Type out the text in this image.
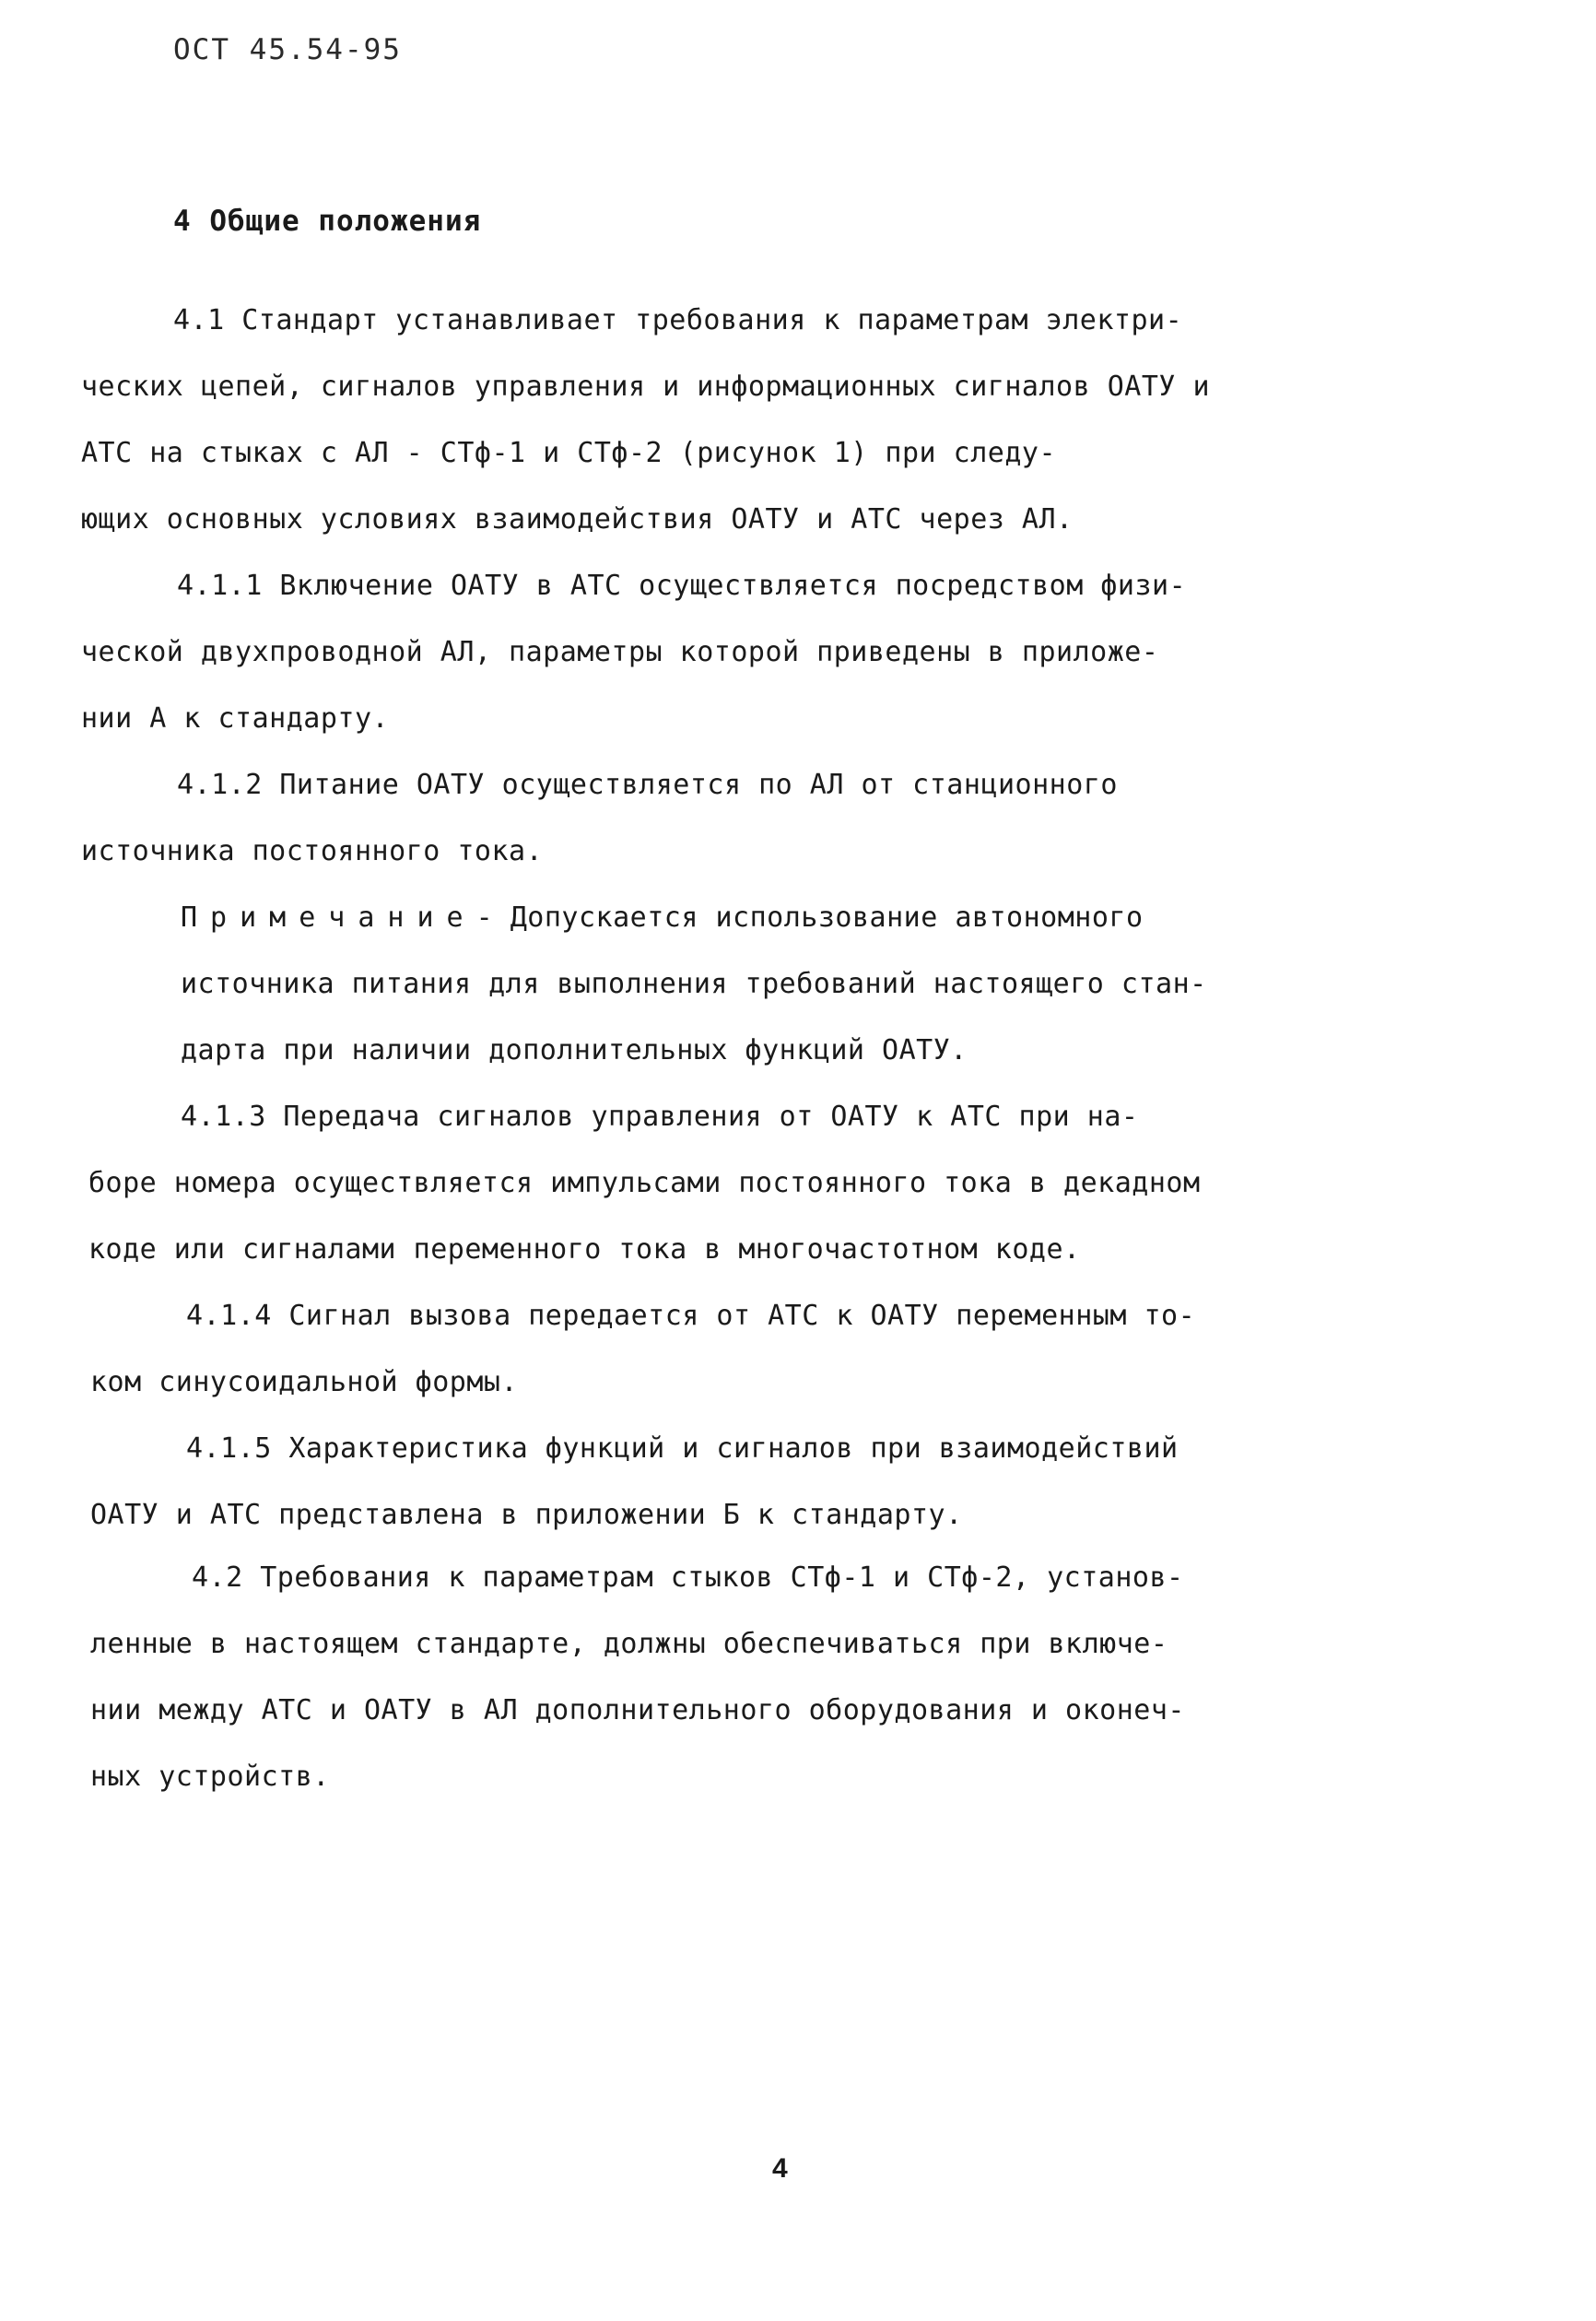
ОСТ 45.54-95
4 Общие положения
4.1 Стандарт устанавливает требования к параметрам электри-
ческих цепей, сигналов управления и информационных сигналов ОАТУ и
АТС на стыках с АЛ - СТф-1 и СТф-2 (рисунок 1) при следу-
ющих основных условиях взаимодействия ОАТУ и АТС через АЛ.
4.1.1 Включение ОАТУ в АТС осуществляется посредством физи-
ческой двухпроводной АЛ, параметры которой приведены в приложе-
нии А к стандарту.
4.1.2 Питание ОАТУ осуществляется по АЛ от станционного
источника постоянного тока.
Примечание- Допускается использование автономного
источника питания для выполнения требований настоящего стан-
дарта при наличии дополнительных функций ОАТУ.
4.1.3 Передача сигналов управления от ОАТУ к АТС при на-
боре номера осуществляется импульсами постоянного тока в декадном
коде или сигналами переменного тока в многочастотном коде.
4.1.4 Сигнал вызова передается от АТС к ОАТУ переменным то-
ком синусоидальной формы.
4.1.5 Характеристика функций и сигналов при взаимодействий
ОАТУ и АТС представлена в приложении Б к стандарту.
4.2 Требования к параметрам стыков СТф-1 и СТф-2, установ-
ленные в настоящем стандарте, должны обеспечиваться при включе-
нии между АТС и ОАТУ в АЛ дополнительного оборудования и оконеч-
ных устройств.
4
